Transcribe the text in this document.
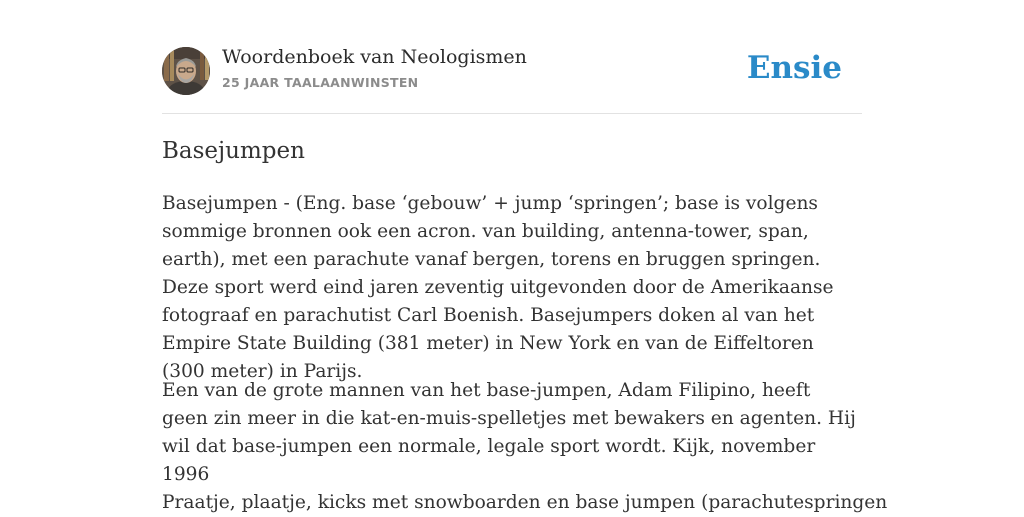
Woordenboek van Neologismen
25 JAAR TAALAANWINSTEN	Ensie
Basejumpen

Basejumpen - (Eng. base ‘gebouw’ + jump ‘springen’; base is volgens sommige bronnen ook een acron. van building, antenna-tower, span, earth), met een parachute vanaf bergen, torens en bruggen springen. Deze sport werd eind jaren zeventig uitgevonden door de Amerikaanse fotograaf en parachutist Carl Boenish. Basejumpers doken al van het Empire State Building (381 meter) in New York en van de Eiffeltoren (300 meter) in Parijs.

Een van de grote mannen van het base-jumpen, Adam Filipino, heeft geen zin meer in die kat-en-muis-spelletjes met bewakers en agenten. Hij wil dat base-jumpen een normale, legale sport wordt. Kijk, november 1996

Praatje, plaatje, kicks met snowboarden en base jumpen (parachutespringen
